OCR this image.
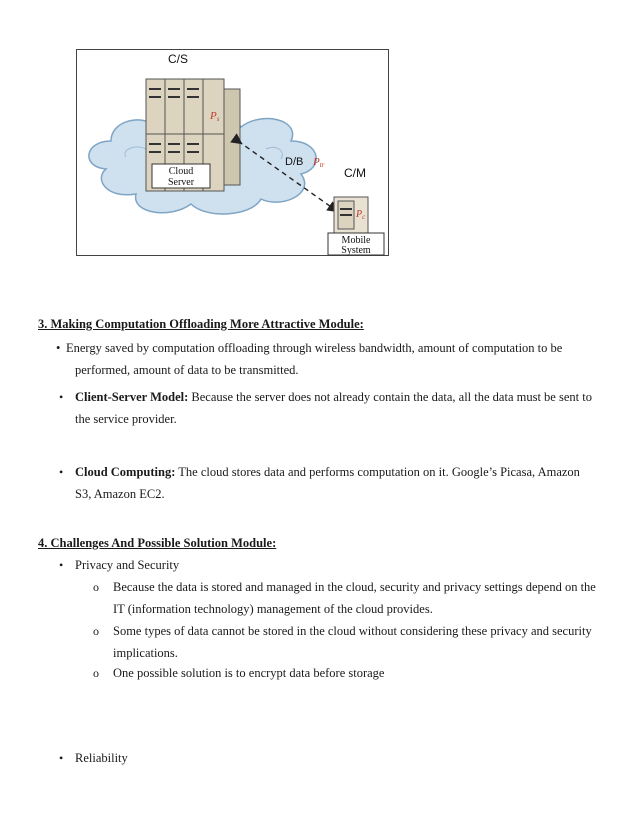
Cloud
Server
C/S
Ps
D/B Ptr
C/M
$P_c$
Mobile
System
3. Making Computation Offloading More Attractive Module:
• Energy saved by computation offloading through wireless bandwidth, amount of computation to be
performed, amount of data to be transmitted.
• Client-Server Model: Because the server does not already contain the data, all the data must be sent to
the service provider.
• Cloud Computing: The cloud stores data and performs computation on it. Google’s Picasa, Amazon
S3, Amazon EC2.
4. Challenges And Possible Solution Module:
• Privacy and Security
o Because the data is stored and managed in the cloud, security and privacy settings depend on the
IT (information technology) management of the cloud provides.
o Some types of data cannot be stored in the cloud without considering these privacy and security
implications.
o One possible solution is to encrypt data before storage
• Reliability
